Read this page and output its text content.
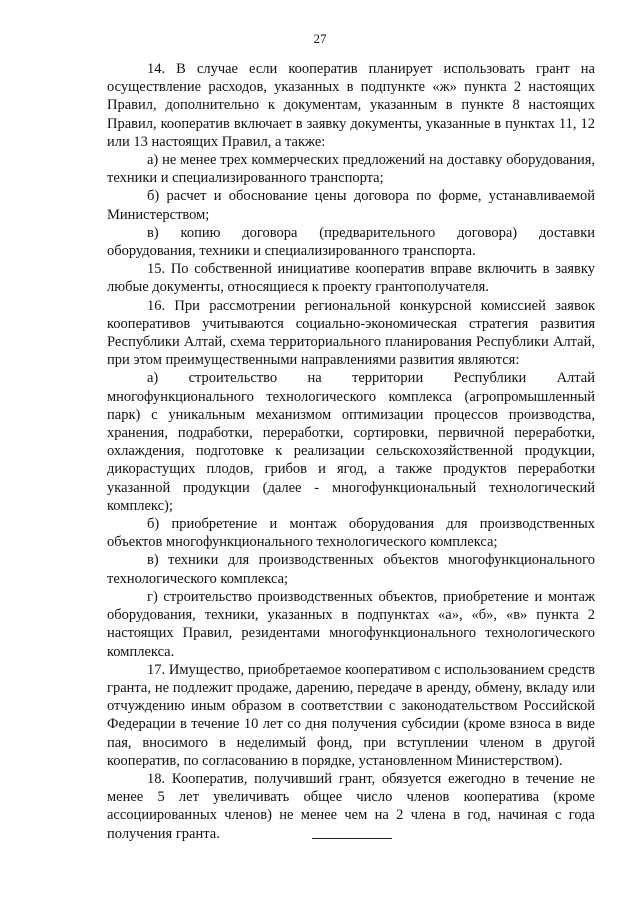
27

14. В случае если кооператив планирует использовать грант на осуществление расходов, указанных в подпункте «ж» пункта 2 настоящих Правил, дополнительно к документам, указанным в пункте 8 настоящих Правил, кооператив включает в заявку документы, указанные в пунктах 11, 12 или 13 настоящих Правил, а также:

а) не менее трех коммерческих предложений на доставку оборудования, техники и специализированного транспорта;

б) расчет и обоснование цены договора по форме, устанавливаемой Министерством;

в) копию договора (предварительного договора) доставки оборудования, техники и специализированного транспорта.

15. По собственной инициативе кооператив вправе включить в заявку любые документы, относящиеся к проекту грантополучателя.

16. При рассмотрении региональной конкурсной комиссией заявок кооперативов учитываются социально-экономическая стратегия развития Республики Алтай, схема территориального планирования Республики Алтай, при этом преимущественными направлениями развития являются:

а) строительство на территории Республики Алтай многофункционального технологического комплекса (агропромышленный парк) с уникальным механизмом оптимизации процессов производства, хранения, подработки, переработки, сортировки, первичной переработки, охлаждения, подготовке к реализации сельскохозяйственной продукции, дикорастущих плодов, грибов и ягод, а также продуктов переработки указанной продукции (далее - многофункциональный технологический комплекс);

б) приобретение и монтаж оборудования для производственных объектов многофункционального технологического комплекса;

в) техники для производственных объектов многофункционального технологического комплекса;

г) строительство производственных объектов, приобретение и монтаж оборудования, техники, указанных в подпунктах «а», «б», «в» пункта 2 настоящих Правил, резидентами многофункционального технологического комплекса.

17. Имущество, приобретаемое кооперативом с использованием средств гранта, не подлежит продаже, дарению, передаче в аренду, обмену, вкладу или отчуждению иным образом в соответствии с законодательством Российской Федерации в течение 10 лет со дня получения субсидии (кроме взноса в виде пая, вносимого в неделимый фонд, при вступлении членом в другой кооператив, по согласованию в порядке, установленном Министерством).

18. Кооператив, получивший грант, обязуется ежегодно в течение не менее 5 лет увеличивать общее число членов кооператива (кроме ассоциированных членов) не менее чем на 2 члена в год, начиная с года получения гранта.
